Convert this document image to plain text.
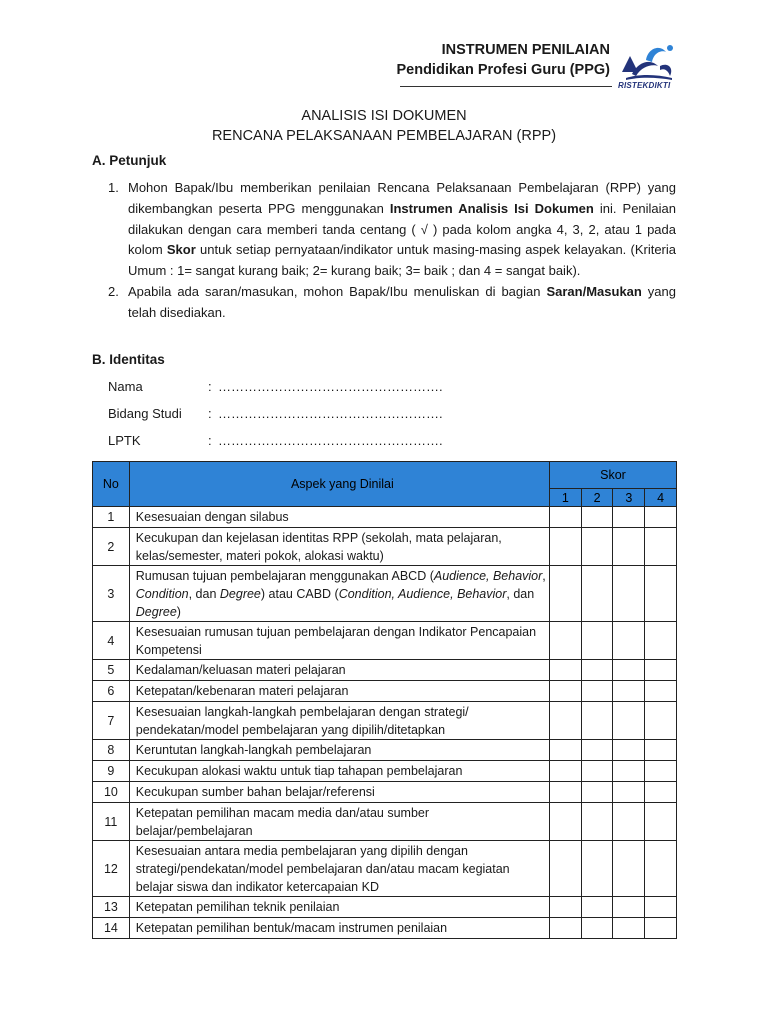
INSTRUMEN PENILAIAN
Pendidikan Profesi Guru (PPG)
RISTEKDIKTI
ANALISIS ISI DOKUMEN
RENCANA PELAKSANAAN PEMBELAJARAN (RPP)
A. Petunjuk
1. Mohon Bapak/Ibu memberikan penilaian Rencana Pelaksanaan Pembelajaran (RPP) yang dikembangkan peserta PPG menggunakan Instrumen Analisis Isi Dokumen ini. Penilaian dilakukan dengan cara memberi tanda centang ( √ ) pada kolom angka 4, 3, 2, atau 1 pada kolom Skor untuk setiap pernyataan/indikator untuk masing-masing aspek kelayakan. (Kriteria Umum : 1= sangat kurang baik; 2= kurang baik; 3= baik ; dan 4 = sangat baik).
2. Apabila ada saran/masukan, mohon Bapak/Ibu menuliskan di bagian Saran/Masukan yang telah disediakan.
B. Identitas
Nama	: …………………………………………….
Bidang Studi	: …………………………………………….
LPTK	: …………………………………………….
No	Aspek yang Dinilai	Skor			
		1	2	3	4
1	Kesesuaian dengan silabus				
2	Kecukupan dan kejelasan identitas RPP (sekolah, mata pelajaran, kelas/semester, materi pokok, alokasi waktu)				
3	Rumusan tujuan pembelajaran menggunakan ABCD (Audience, Behavior, Condition, dan Degree) atau CABD (Condition, Audience, Behavior, dan Degree)				
4	Kesesuaian rumusan tujuan pembelajaran dengan Indikator Pencapaian Kompetensi				
5	Kedalaman/keluasan materi pelajaran				
6	Ketepatan/kebenaran materi pelajaran				
7	Kesesuaian langkah-langkah pembelajaran dengan strategi/ pendekatan/model pembelajaran yang dipilih/ditetapkan				
8	Keruntutan langkah-langkah pembelajaran				
9	Kecukupan alokasi waktu untuk tiap tahapan pembelajaran				
10	Kecukupan sumber bahan belajar/referensi				
11	Ketepatan pemilihan macam media dan/atau sumber belajar/pembelajaran				
12	Kesesuaian antara media pembelajaran yang dipilih dengan strategi/pendekatan/model pembelajaran dan/atau macam kegiatan belajar siswa dan indikator ketercapaian KD				
13	Ketepatan pemilihan teknik penilaian				
14	Ketepatan pemilihan bentuk/macam instrumen penilaian				
